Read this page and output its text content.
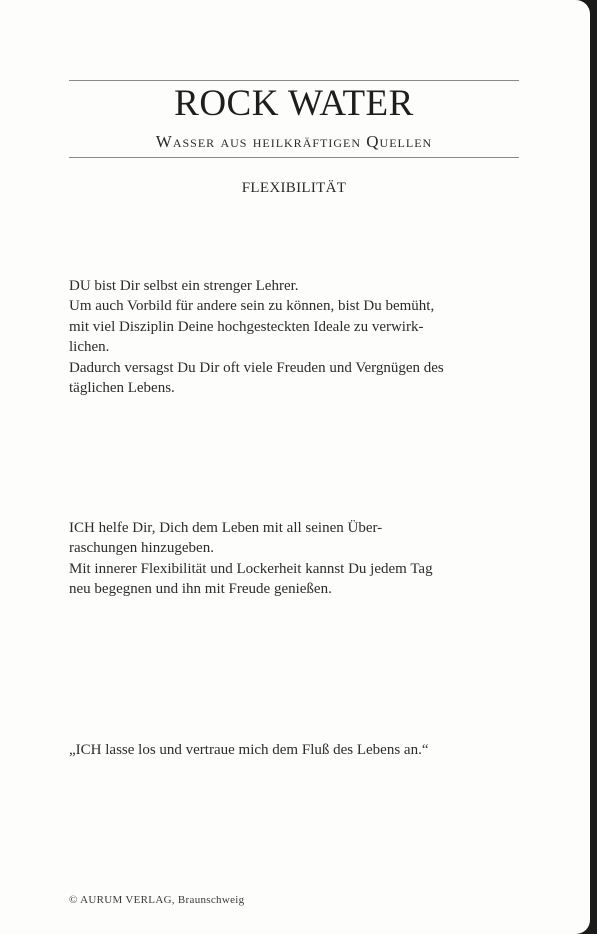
ROCK WATER
Wasser aus heilkräftigen Quellen
FLEXIBILITÄT
DU bist Dir selbst ein strenger Lehrer.
Um auch Vorbild für andere sein zu können, bist Du bemüht,
mit viel Disziplin Deine hochgesteckten Ideale zu verwirk-
lichen.
Dadurch versagst Du Dir oft viele Freuden und Vergnügen des
täglichen Lebens.
ICH helfe Dir, Dich dem Leben mit all seinen Über-
raschungen hinzugeben.
Mit innerer Flexibilität und Lockerheit kannst Du jedem Tag
neu begegnen und ihn mit Freude genießen.
„ICH lasse los und vertraue mich dem Fluß des Lebens an.“
© AURUM VERLAG, Braunschweig
